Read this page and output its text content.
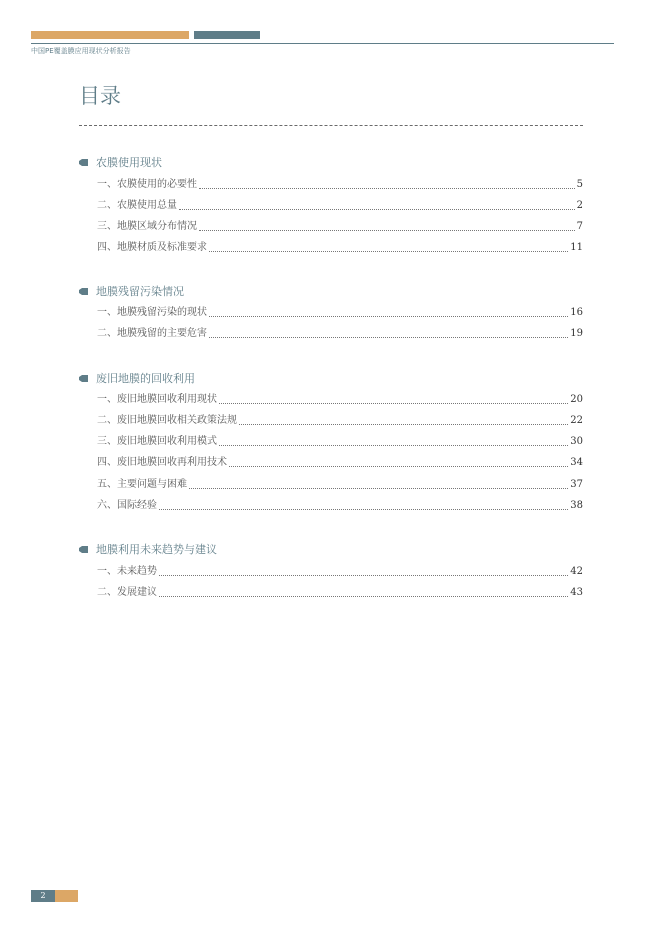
中国PE覆盖膜应用现状分析报告
目录
农膜使用现状
一、农膜使用的必要性	5
二、农膜使用总量	2
三、地膜区域分布情况	7
四、地膜材质及标准要求	11
地膜残留污染情况
一、地膜残留污染的现状	16
二、地膜残留的主要危害	19
废旧地膜的回收利用
一、废旧地膜回收利用现状	20
二、废旧地膜回收相关政策法规	22
三、废旧地膜回收利用模式	30
四、废旧地膜回收再利用技术	34
五、主要问题与困难	37
六、国际经验	38
地膜利用未来趋势与建议
一、未来趋势	42
二、发展建议	43
2
